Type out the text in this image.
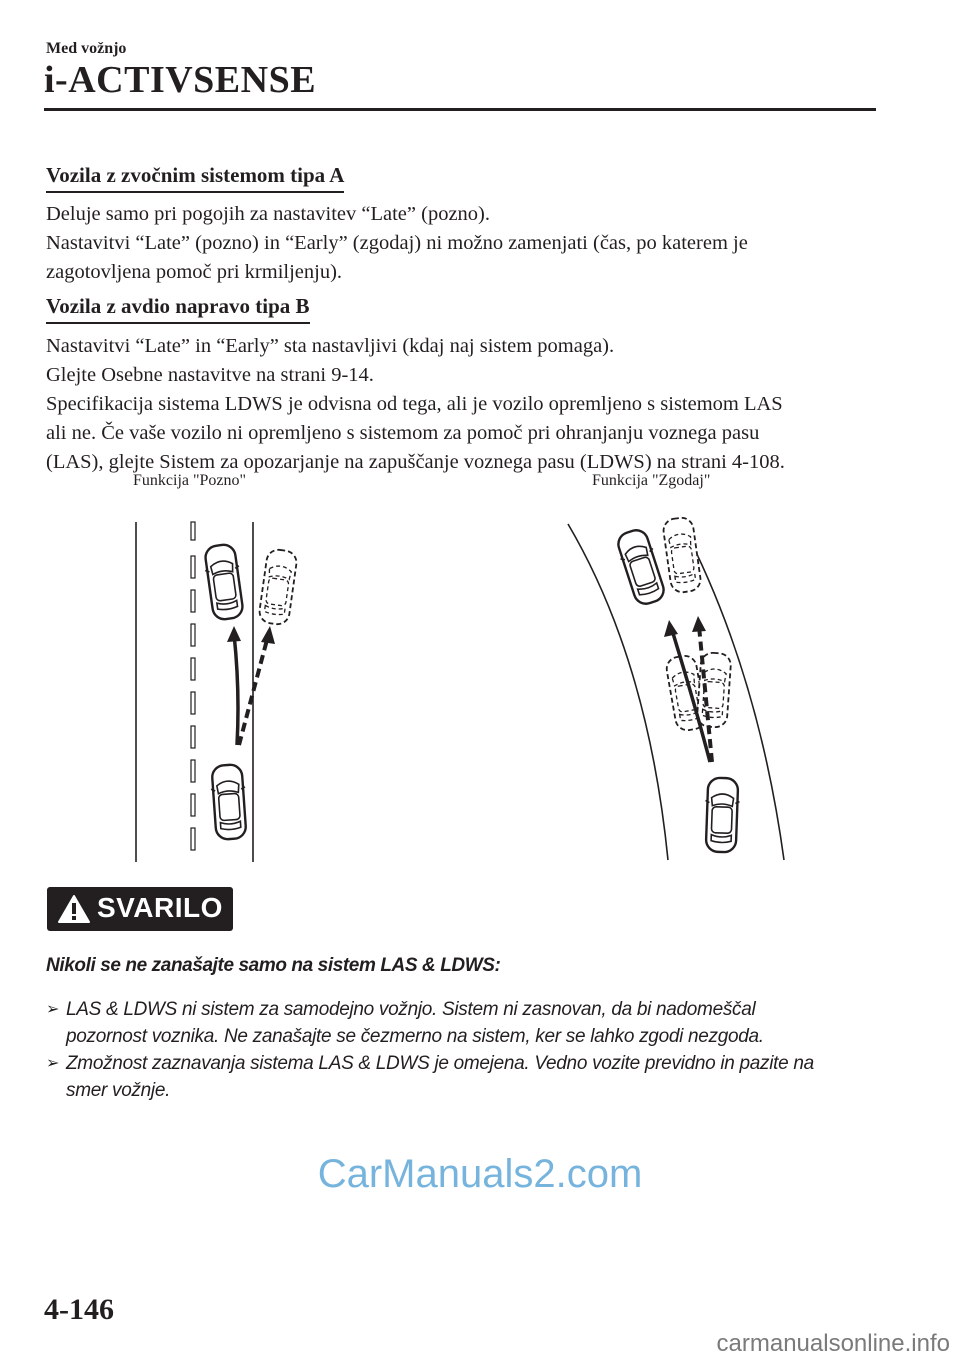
Med vožnjo
i-ACTIVSENSE
Vozila z zvočnim sistemom tipa A
Deluje samo pri pogojih za nastavitev “Late” (pozno).
Nastavitvi “Late” (pozno) in “Early” (zgodaj) ni možno zamenjati (čas, po katerem je
zagotovljena pomoč pri krmiljenju).
Vozila z avdio napravo tipa B
Nastavitvi “Late” in “Early” sta nastavljivi (kdaj naj sistem pomaga).
Glejte Osebne nastavitve na strani 9-14.
Specifikacija sistema LDWS je odvisna od tega, ali je vozilo opremljeno s sistemom LAS
ali ne. Če vaše vozilo ni opremljeno s sistemom za pomoč pri ohranjanju voznega pasu
(LAS), glejte Sistem za opozarjanje na zapuščanje voznega pasu (LDWS) na strani 4-108.
Funkcija "Pozno"	Funkcija "Zgodaj"
SVARILO
Nikoli se ne zanašajte samo na sistem LAS & LDWS:
➢ LAS & LDWS ni sistem za samodejno vožnjo. Sistem ni zasnovan, da bi nadomeščal
pozornost voznika. Ne zanašajte se čezmerno na sistem, ker se lahko zgodi nezgoda.
➢ Zmožnost zaznavanja sistema LAS & LDWS je omejena. Vedno vozite previdno in pazite na
smer vožnje.
CarManuals2.com
4-146
carmanualsonline.info
